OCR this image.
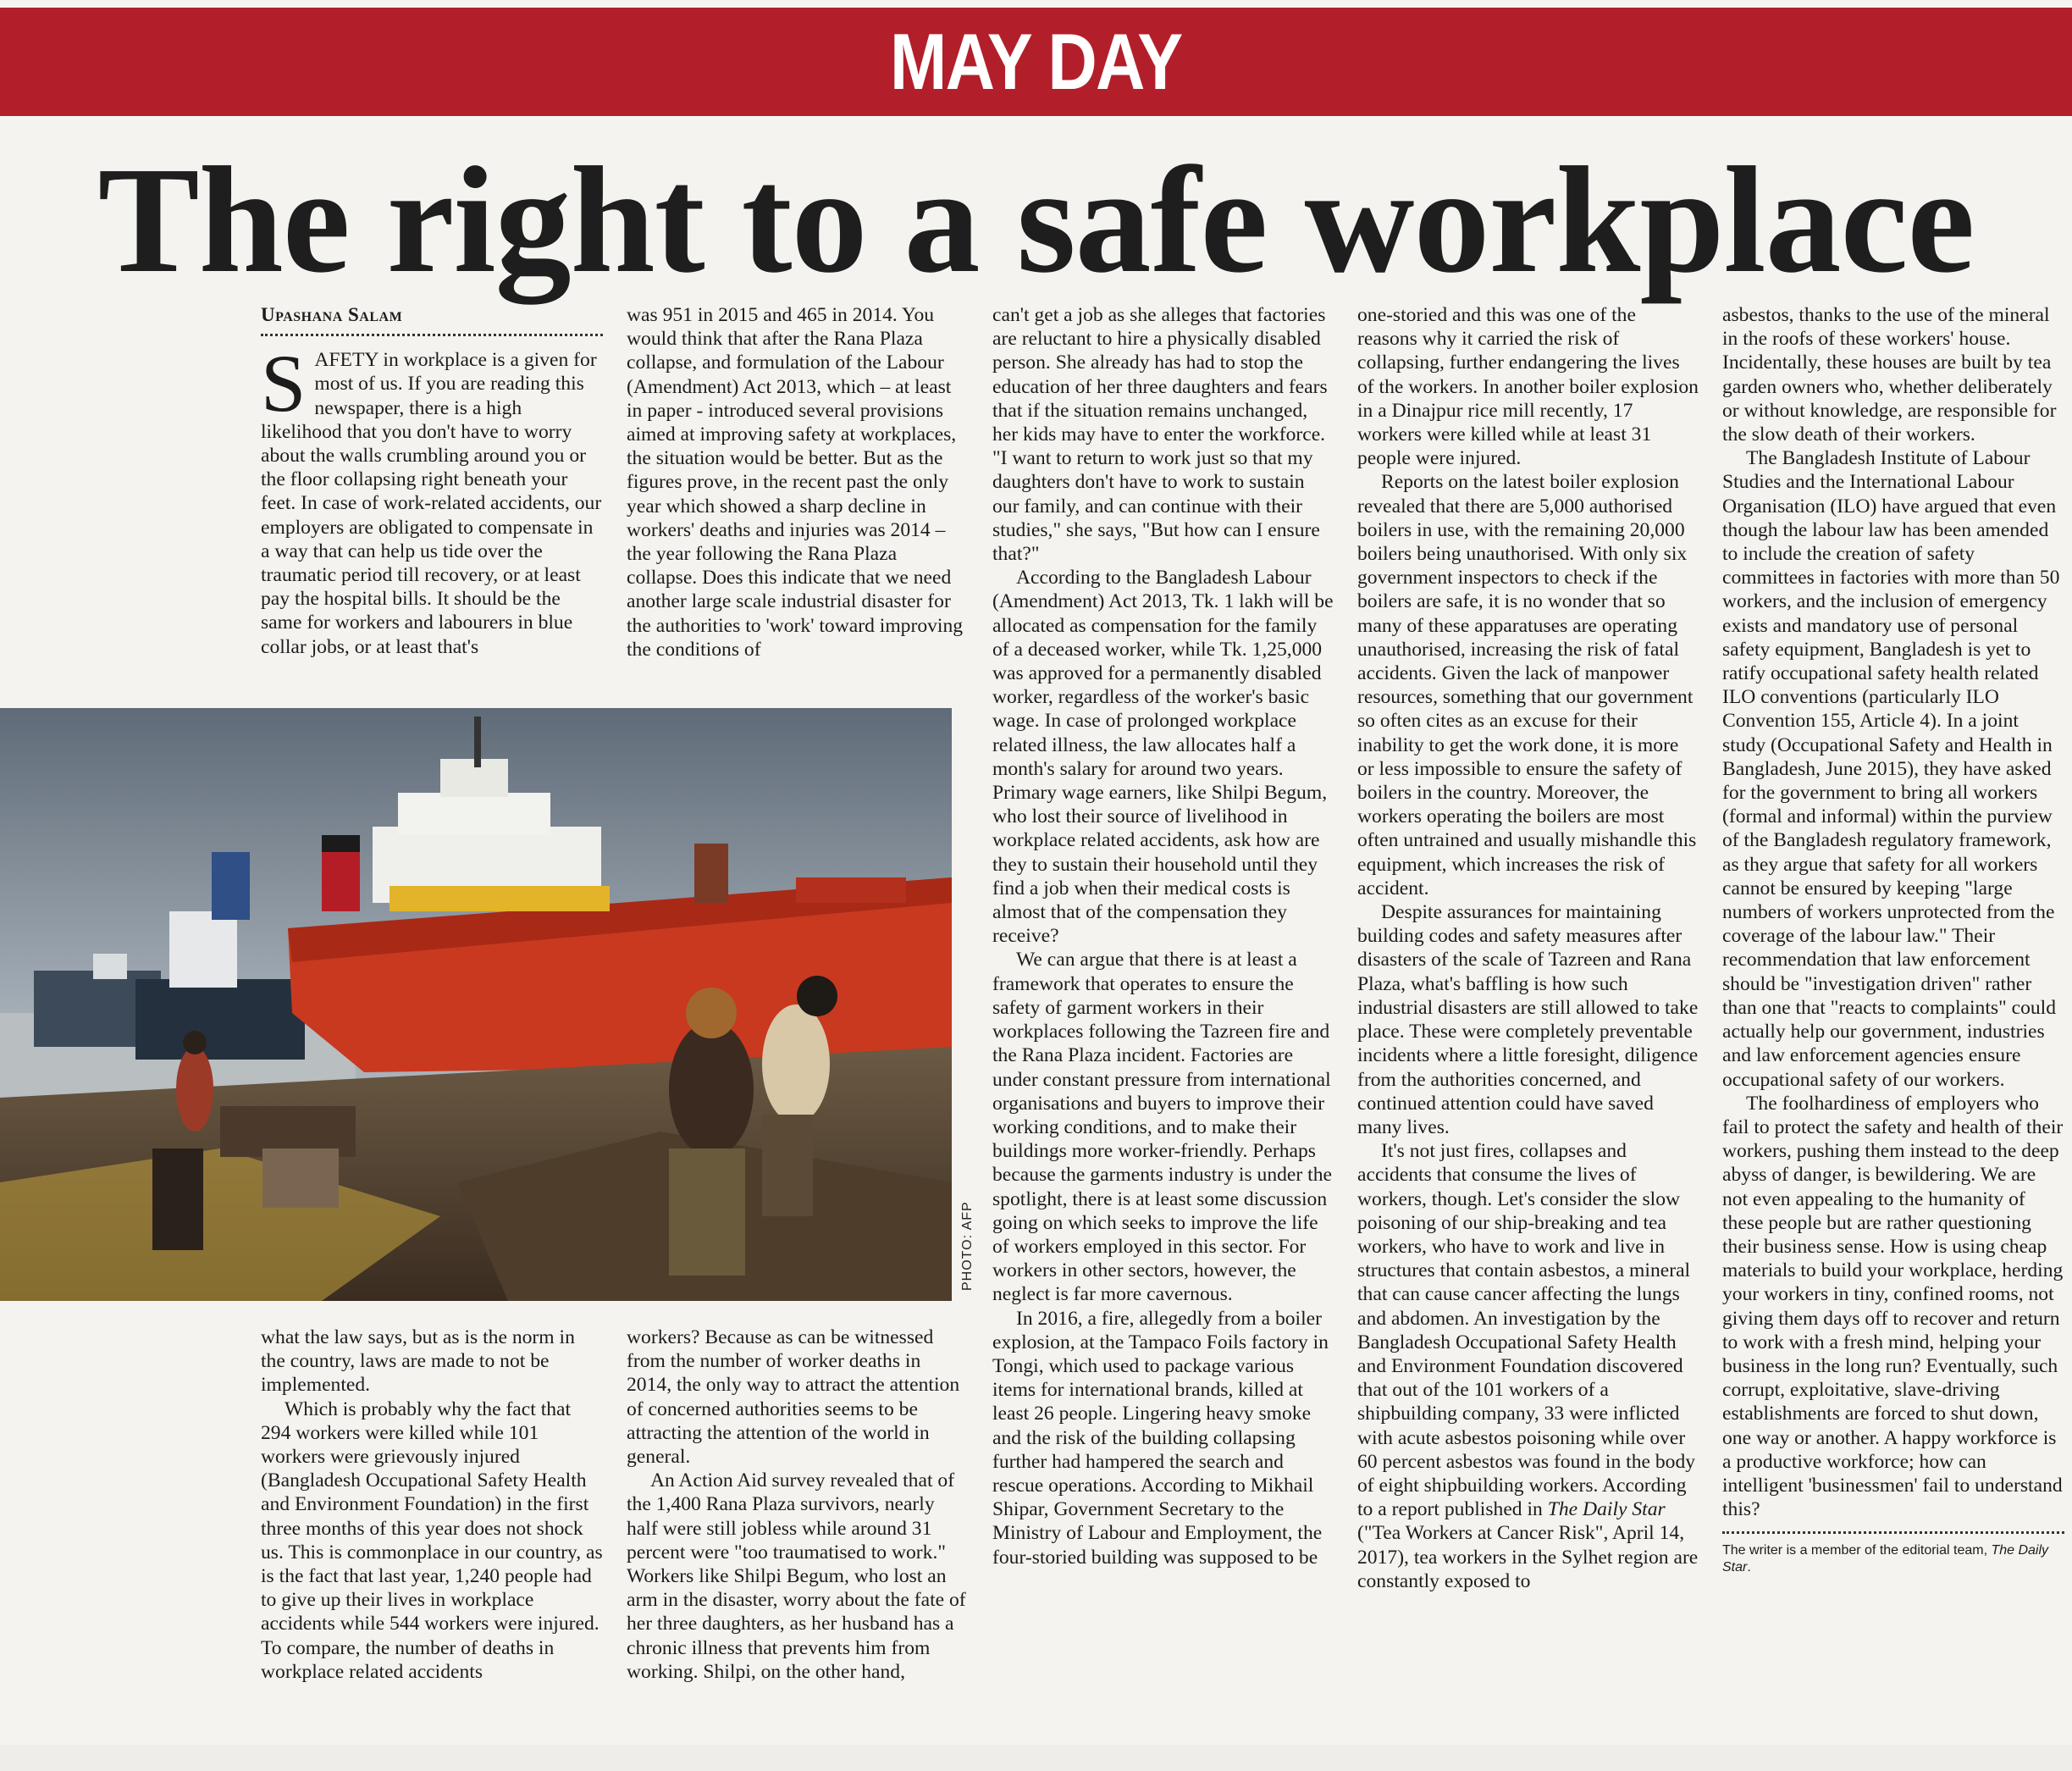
MAY DAY
The right to a safe workplace
Upashana Salam

SAFETY in workplace is a given for most of us. If you are reading this newspaper, there is a high likelihood that you don't have to worry about the walls crumbling around you or the floor collapsing right beneath your feet. In case of work-related accidents, our employers are obligated to compensate in a way that can help us tide over the traumatic period till recovery, or at least pay the hospital bills. It should be the same for workers and labourers in blue collar jobs, or at least that's

was 951 in 2015 and 465 in 2014. You would think that after the Rana Plaza collapse, and formulation of the Labour (Amendment) Act 2013, which – at least in paper - introduced several provisions aimed at improving safety at workplaces, the situation would be better. But as the figures prove, in the recent past the only year which showed a sharp decline in workers' deaths and injuries was 2014 – the year following the Rana Plaza collapse. Does this indicate that we need another large scale industrial disaster for the authorities to 'work' toward improving the conditions of

PHOTO: AFP

what the law says, but as is the norm in the country, laws are made to not be implemented.

Which is probably why the fact that 294 workers were killed while 101 workers were grievously injured (Bangladesh Occupational Safety Health and Environment Foundation) in the first three months of this year does not shock us. This is commonplace in our country, as is the fact that last year, 1,240 people had to give up their lives in workplace accidents while 544 workers were injured. To compare, the number of deaths in workplace related accidents

workers? Because as can be witnessed from the number of worker deaths in 2014, the only way to attract the attention of concerned authorities seems to be attracting the attention of the world in general.

An Action Aid survey revealed that of the 1,400 Rana Plaza survivors, nearly half were still jobless while around 31 percent were "too traumatised to work." Workers like Shilpi Begum, who lost an arm in the disaster, worry about the fate of her three daughters, as her husband has a chronic illness that prevents him from working. Shilpi, on the other hand,

can't get a job as she alleges that factories are reluctant to hire a physically disabled person. She already has had to stop the education of her three daughters and fears that if the situation remains unchanged, her kids may have to enter the workforce. "I want to return to work just so that my daughters don't have to work to sustain our family, and can continue with their studies," she says, "But how can I ensure that?"

According to the Bangladesh Labour (Amendment) Act 2013, Tk. 1 lakh will be allocated as compensation for the family of a deceased worker, while Tk. 1,25,000 was approved for a permanently disabled worker, regardless of the worker's basic wage. In case of prolonged workplace related illness, the law allocates half a month's salary for around two years. Primary wage earners, like Shilpi Begum, who lost their source of livelihood in workplace related accidents, ask how are they to sustain their household until they find a job when their medical costs is almost that of the compensation they receive?

We can argue that there is at least a framework that operates to ensure the safety of garment workers in their workplaces following the Tazreen fire and the Rana Plaza incident. Factories are under constant pressure from international organisations and buyers to improve their working conditions, and to make their buildings more worker-friendly. Perhaps because the garments industry is under the spotlight, there is at least some discussion going on which seeks to improve the life of workers employed in this sector. For workers in other sectors, however, the neglect is far more cavernous.

In 2016, a fire, allegedly from a boiler explosion, at the Tampaco Foils factory in Tongi, which used to package various items for international brands, killed at least 26 people. Lingering heavy smoke and the risk of the building collapsing further had hampered the search and rescue operations. According to Mikhail Shipar, Government Secretary to the Ministry of Labour and Employment, the four-storied building was supposed to be

one-storied and this was one of the reasons why it carried the risk of collapsing, further endangering the lives of the workers. In another boiler explosion in a Dinajpur rice mill recently, 17 workers were killed while at least 31 people were injured.

Reports on the latest boiler explosion revealed that there are 5,000 authorised boilers in use, with the remaining 20,000 boilers being unauthorised. With only six government inspectors to check if the boilers are safe, it is no wonder that so many of these apparatuses are operating unauthorised, increasing the risk of fatal accidents. Given the lack of manpower resources, something that our government so often cites as an excuse for their inability to get the work done, it is more or less impossible to ensure the safety of boilers in the country. Moreover, the workers operating the boilers are most often untrained and usually mishandle this equipment, which increases the risk of accident.

Despite assurances for maintaining building codes and safety measures after disasters of the scale of Tazreen and Rana Plaza, what's baffling is how such industrial disasters are still allowed to take place. These were completely preventable incidents where a little foresight, diligence from the authorities concerned, and continued attention could have saved many lives.

It's not just fires, collapses and accidents that consume the lives of workers, though. Let's consider the slow poisoning of our ship-breaking and tea workers, who have to work and live in structures that contain asbestos, a mineral that can cause cancer affecting the lungs and abdomen. An investigation by the Bangladesh Occupational Safety Health and Environment Foundation discovered that out of the 101 workers of a shipbuilding company, 33 were inflicted with acute asbestos poisoning while over 60 percent asbestos was found in the body of eight shipbuilding workers. According to a report published in The Daily Star ("Tea Workers at Cancer Risk", April 14, 2017), tea workers in the Sylhet region are constantly exposed to

asbestos, thanks to the use of the mineral in the roofs of these workers' house. Incidentally, these houses are built by tea garden owners who, whether deliberately or without knowledge, are responsible for the slow death of their workers.

The Bangladesh Institute of Labour Studies and the International Labour Organisation (ILO) have argued that even though the labour law has been amended to include the creation of safety committees in factories with more than 50 workers, and the inclusion of emergency exists and mandatory use of personal safety equipment, Bangladesh is yet to ratify occupational safety health related ILO conventions (particularly ILO Convention 155, Article 4). In a joint study (Occupational Safety and Health in Bangladesh, June 2015), they have asked for the government to bring all workers (formal and informal) within the purview of the Bangladesh regulatory framework, as they argue that safety for all workers cannot be ensured by keeping "large numbers of workers unprotected from the coverage of the labour law." Their recommendation that law enforcement should be "investigation driven" rather than one that "reacts to complaints" could actually help our government, industries and law enforcement agencies ensure occupational safety of our workers.

The foolhardiness of employers who fail to protect the safety and health of their workers, pushing them instead to the deep abyss of danger, is bewildering. We are not even appealing to the humanity of these people but are rather questioning their business sense. How is using cheap materials to build your workplace, herding your workers in tiny, confined rooms, not giving them days off to recover and return to work with a fresh mind, helping your business in the long run? Eventually, such corrupt, exploitative, slave-driving establishments are forced to shut down, one way or another. A happy workforce is a productive workforce; how can intelligent 'businessmen' fail to understand this?

The writer is a member of the editorial team, The Daily Star.
